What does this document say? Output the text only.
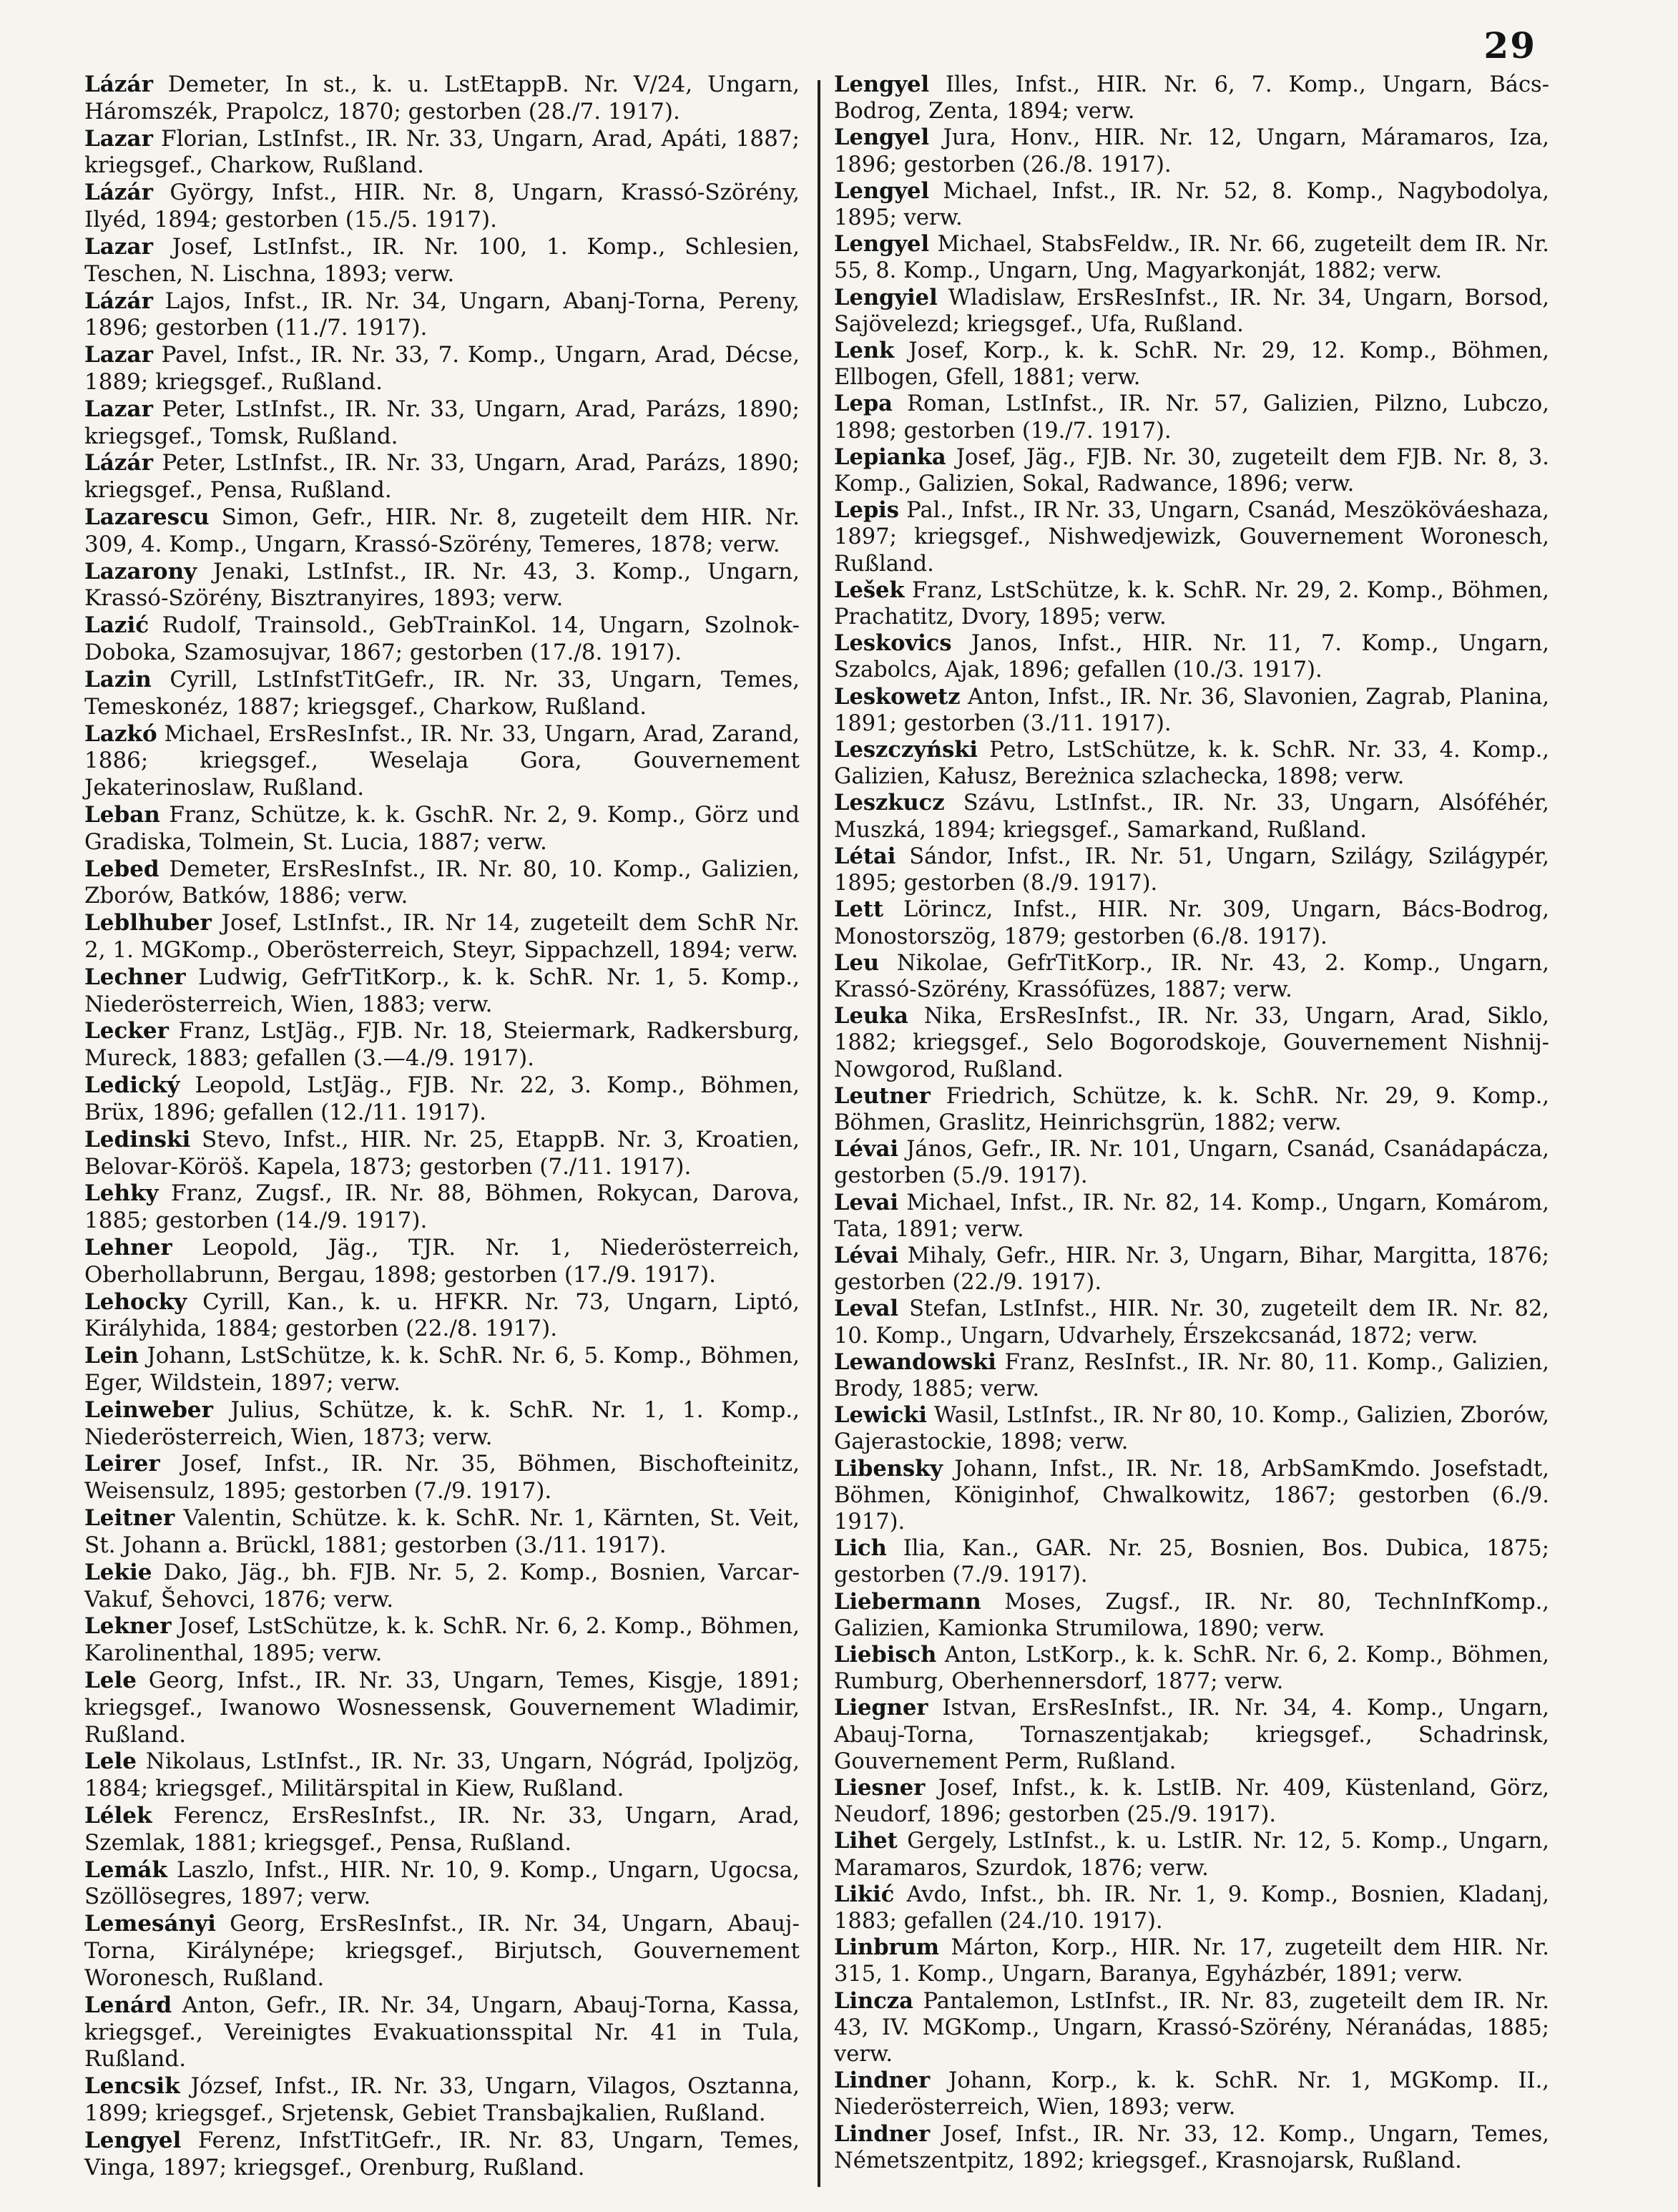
29

Lázár Demeter, In st., k. u. LstEtappB. Nr. V/24, Ungarn, Háromszék, Prapolcz, 1870; gestorben (28./7. 1917).

Lazar Florian, LstInfst., IR. Nr. 33, Ungarn, Arad, Apáti, 1887; kriegsgef., Charkow, Rußland.

Lázár György, Infst., HIR. Nr. 8, Ungarn, Krassó-Szörény, Ilyéd, 1894; gestorben (15./5. 1917).

Lazar Josef, LstInfst., IR. Nr. 100, 1. Komp., Schlesien, Teschen, N. Lischna, 1893; verw.

Lázár Lajos, Infst., IR. Nr. 34, Ungarn, Abanj-Torna, Pereny, 1896; gestorben (11./7. 1917).

Lazar Pavel, Infst., IR. Nr. 33, 7. Komp., Ungarn, Arad, Décse, 1889; kriegsgef., Rußland.

Lazar Peter, LstInfst., IR. Nr. 33, Ungarn, Arad, Parázs, 1890; kriegsgef., Tomsk, Rußland.

Lázár Peter, LstInfst., IR. Nr. 33, Ungarn, Arad, Parázs, 1890; kriegsgef., Pensa, Rußland.

Lazarescu Simon, Gefr., HIR. Nr. 8, zugeteilt dem HIR. Nr. 309, 4. Komp., Ungarn, Krassó-Szörény, Temeres, 1878; verw.

Lazarony Jenaki, LstInfst., IR. Nr. 43, 3. Komp., Ungarn, Krassó-Szörény, Bisztranyires, 1893; verw.

Lazić Rudolf, Trainsold., GebTrainKol. 14, Ungarn, Szolnok-Doboka, Szamosujvar, 1867; gestorben (17./8. 1917).

Lazin Cyrill, LstInfstTitGefr., IR. Nr. 33, Ungarn, Temes, Temeskonéz, 1887; kriegsgef., Charkow, Rußland.

Lazkó Michael, ErsResInfst., IR. Nr. 33, Ungarn, Arad, Zarand, 1886; kriegsgef., Weselaja Gora, Gouvernement Jekaterinoslaw, Rußland.

Leban Franz, Schütze, k. k. GschR. Nr. 2, 9. Komp., Görz und Gradiska, Tolmein, St. Lucia, 1887; verw.

Lebed Demeter, ErsResInfst., IR. Nr. 80, 10. Komp., Galizien, Zborów, Batków, 1886; verw.

Leblhuber Josef, LstInfst., IR. Nr 14, zugeteilt dem SchR Nr. 2, 1. MGKomp., Oberösterreich, Steyr, Sippachzell, 1894; verw.

Lechner Ludwig, GefrTitKorp., k. k. SchR. Nr. 1, 5. Komp., Niederösterreich, Wien, 1883; verw.

Lecker Franz, LstJäg., FJB. Nr. 18, Steiermark, Radkersburg, Mureck, 1883; gefallen (3.—4./9. 1917).

Ledický Leopold, LstJäg., FJB. Nr. 22, 3. Komp., Böhmen, Brüx, 1896; gefallen (12./11. 1917).

Ledinski Stevo, Infst., HIR. Nr. 25, EtappB. Nr. 3, Kroatien, Belovar-Köröš. Kapela, 1873; gestorben (7./11. 1917).

Lehky Franz, Zugsf., IR. Nr. 88, Böhmen, Rokycan, Darova, 1885; gestorben (14./9. 1917).

Lehner Leopold, Jäg., TJR. Nr. 1, Niederösterreich, Oberhollabrunn, Bergau, 1898; gestorben (17./9. 1917).

Lehocky Cyrill, Kan., k. u. HFKR. Nr. 73, Ungarn, Liptó, Királyhida, 1884; gestorben (22./8. 1917).

Lein Johann, LstSchütze, k. k. SchR. Nr. 6, 5. Komp., Böhmen, Eger, Wildstein, 1897; verw.

Leinweber Julius, Schütze, k. k. SchR. Nr. 1, 1. Komp., Niederösterreich, Wien, 1873; verw.

Leirer Josef, Infst., IR. Nr. 35, Böhmen, Bischofteinitz, Weisensulz, 1895; gestorben (7./9. 1917).

Leitner Valentin, Schütze. k. k. SchR. Nr. 1, Kärnten, St. Veit, St. Johann a. Brückl, 1881; gestorben (3./11. 1917).

Lekie Dako, Jäg., bh. FJB. Nr. 5, 2. Komp., Bosnien, Varcar-Vakuf, Šehovci, 1876; verw.

Lekner Josef, LstSchütze, k. k. SchR. Nr. 6, 2. Komp., Böhmen, Karolinenthal, 1895; verw.

Lele Georg, Infst., IR. Nr. 33, Ungarn, Temes, Kisgje, 1891; kriegsgef., Iwanowo Wosnessensk, Gouvernement Wladimir, Rußland.

Lele Nikolaus, LstInfst., IR. Nr. 33, Ungarn, Nógrád, Ipoljzög, 1884; kriegsgef., Militärspital in Kiew, Rußland.

Lélek Ferencz, ErsResInfst., IR. Nr. 33, Ungarn, Arad, Szemlak, 1881; kriegsgef., Pensa, Rußland.

Lemák Laszlo, Infst., HIR. Nr. 10, 9. Komp., Ungarn, Ugocsa, Szöllösegres, 1897; verw.

Lemesányi Georg, ErsResInfst., IR. Nr. 34, Ungarn, Abauj-Torna, Királynépe; kriegsgef., Birjutsch, Gouvernement Woronesch, Rußland.

Lenárd Anton, Gefr., IR. Nr. 34, Ungarn, Abauj-Torna, Kassa, kriegsgef., Vereinigtes Evakuationsspital Nr. 41 in Tula, Rußland.

Lencsik József, Infst., IR. Nr. 33, Ungarn, Vilagos, Osztanna, 1899; kriegsgef., Srjetensk, Gebiet Transbajkalien, Rußland.

Lengyel Ferenz, InfstTitGefr., IR. Nr. 83, Ungarn, Temes, Vinga, 1897; kriegsgef., Orenburg, Rußland.

Lengyel Illes, Infst., HIR. Nr. 6, 7. Komp., Ungarn, Bács-Bodrog, Zenta, 1894; verw.

Lengyel Jura, Honv., HIR. Nr. 12, Ungarn, Máramaros, Iza, 1896; gestorben (26./8. 1917).

Lengyel Michael, Infst., IR. Nr. 52, 8. Komp., Nagybodolya, 1895; verw.

Lengyel Michael, StabsFeldw., IR. Nr. 66, zugeteilt dem IR. Nr. 55, 8. Komp., Ungarn, Ung, Magyarkonját, 1882; verw.

Lengyiel Wladislaw, ErsResInfst., IR. Nr. 34, Ungarn, Borsod, Sajövelezd; kriegsgef., Ufa, Rußland.

Lenk Josef, Korp., k. k. SchR. Nr. 29, 12. Komp., Böhmen, Ellbogen, Gfell, 1881; verw.

Lepa Roman, LstInfst., IR. Nr. 57, Galizien, Pilzno, Lubczo, 1898; gestorben (19./7. 1917).

Lepianka Josef, Jäg., FJB. Nr. 30, zugeteilt dem FJB. Nr. 8, 3. Komp., Galizien, Sokal, Radwance, 1896; verw.

Lepis Pal., Infst., IR Nr. 33, Ungarn, Csanád, Meszököváeshaza, 1897; kriegsgef., Nishwedjewizk, Gouvernement Woronesch, Rußland.

Lešek Franz, LstSchütze, k. k. SchR. Nr. 29, 2. Komp., Böhmen, Prachatitz, Dvory, 1895; verw.

Leskovics Janos, Infst., HIR. Nr. 11, 7. Komp., Ungarn, Szabolcs, Ajak, 1896; gefallen (10./3. 1917).

Leskowetz Anton, Infst., IR. Nr. 36, Slavonien, Zagrab, Planina, 1891; gestorben (3./11. 1917).

Leszczyński Petro, LstSchütze, k. k. SchR. Nr. 33, 4. Komp., Galizien, Kałusz, Bereżnica szlachecka, 1898; verw.

Leszkucz Szávu, LstInfst., IR. Nr. 33, Ungarn, Alsóféhér, Muszká, 1894; kriegsgef., Samarkand, Rußland.

Létai Sándor, Infst., IR. Nr. 51, Ungarn, Szilágy, Szilágypér, 1895; gestorben (8./9. 1917).

Lett Lörincz, Infst., HIR. Nr. 309, Ungarn, Bács-Bodrog, Monostorszög, 1879; gestorben (6./8. 1917).

Leu Nikolae, GefrTitKorp., IR. Nr. 43, 2. Komp., Ungarn, Krassó-Szörény, Krassófüzes, 1887; verw.

Leuka Nika, ErsResInfst., IR. Nr. 33, Ungarn, Arad, Siklo, 1882; kriegsgef., Selo Bogorodskoje, Gouvernement Nishnij-Nowgorod, Rußland.

Leutner Friedrich, Schütze, k. k. SchR. Nr. 29, 9. Komp., Böhmen, Graslitz, Heinrichsgrün, 1882; verw.

Lévai János, Gefr., IR. Nr. 101, Ungarn, Csanád, Csanádapácza, gestorben (5./9. 1917).

Levai Michael, Infst., IR. Nr. 82, 14. Komp., Ungarn, Komárom, Tata, 1891; verw.

Lévai Mihaly, Gefr., HIR. Nr. 3, Ungarn, Bihar, Margitta, 1876; gestorben (22./9. 1917).

Leval Stefan, LstInfst., HIR. Nr. 30, zugeteilt dem IR. Nr. 82, 10. Komp., Ungarn, Udvarhely, Érszekcsanád, 1872; verw.

Lewandowski Franz, ResInfst., IR. Nr. 80, 11. Komp., Galizien, Brody, 1885; verw.

Lewicki Wasil, LstInfst., IR. Nr 80, 10. Komp., Galizien, Zborów, Gajerastockie, 1898; verw.

Libensky Johann, Infst., IR. Nr. 18, ArbSamKmdo. Josefstadt, Böhmen, Königinhof, Chwalkowitz, 1867; gestorben (6./9. 1917).

Lich Ilia, Kan., GAR. Nr. 25, Bosnien, Bos. Dubica, 1875; gestorben (7./9. 1917).

Liebermann Moses, Zugsf., IR. Nr. 80, TechnInfKomp., Galizien, Kamionka Strumilowa, 1890; verw.

Liebisch Anton, LstKorp., k. k. SchR. Nr. 6, 2. Komp., Böhmen, Rumburg, Oberhennersdorf, 1877; verw.

Liegner Istvan, ErsResInfst., IR. Nr. 34, 4. Komp., Ungarn, Abauj-Torna, Tornaszentjakab; kriegsgef., Schadrinsk, Gouvernement Perm, Rußland.

Liesner Josef, Infst., k. k. LstIB. Nr. 409, Küstenland, Görz, Neudorf, 1896; gestorben (25./9. 1917).

Lihet Gergely, LstInfst., k. u. LstIR. Nr. 12, 5. Komp., Ungarn, Maramaros, Szurdok, 1876; verw.

Likić Avdo, Infst., bh. IR. Nr. 1, 9. Komp., Bosnien, Kladanj, 1883; gefallen (24./10. 1917).

Linbrum Márton, Korp., HIR. Nr. 17, zugeteilt dem HIR. Nr. 315, 1. Komp., Ungarn, Baranya, Egyházbér, 1891; verw.

Lincza Pantalemon, LstInfst., IR. Nr. 83, zugeteilt dem IR. Nr. 43, IV. MGKomp., Ungarn, Krassó-Szörény, Néranádas, 1885; verw.

Lindner Johann, Korp., k. k. SchR. Nr. 1, MGKomp. II., Niederösterreich, Wien, 1893; verw.

Lindner Josef, Infst., IR. Nr. 33, 12. Komp., Ungarn, Temes, Németszentpitz, 1892; kriegsgef., Krasnojarsk, Rußland.
